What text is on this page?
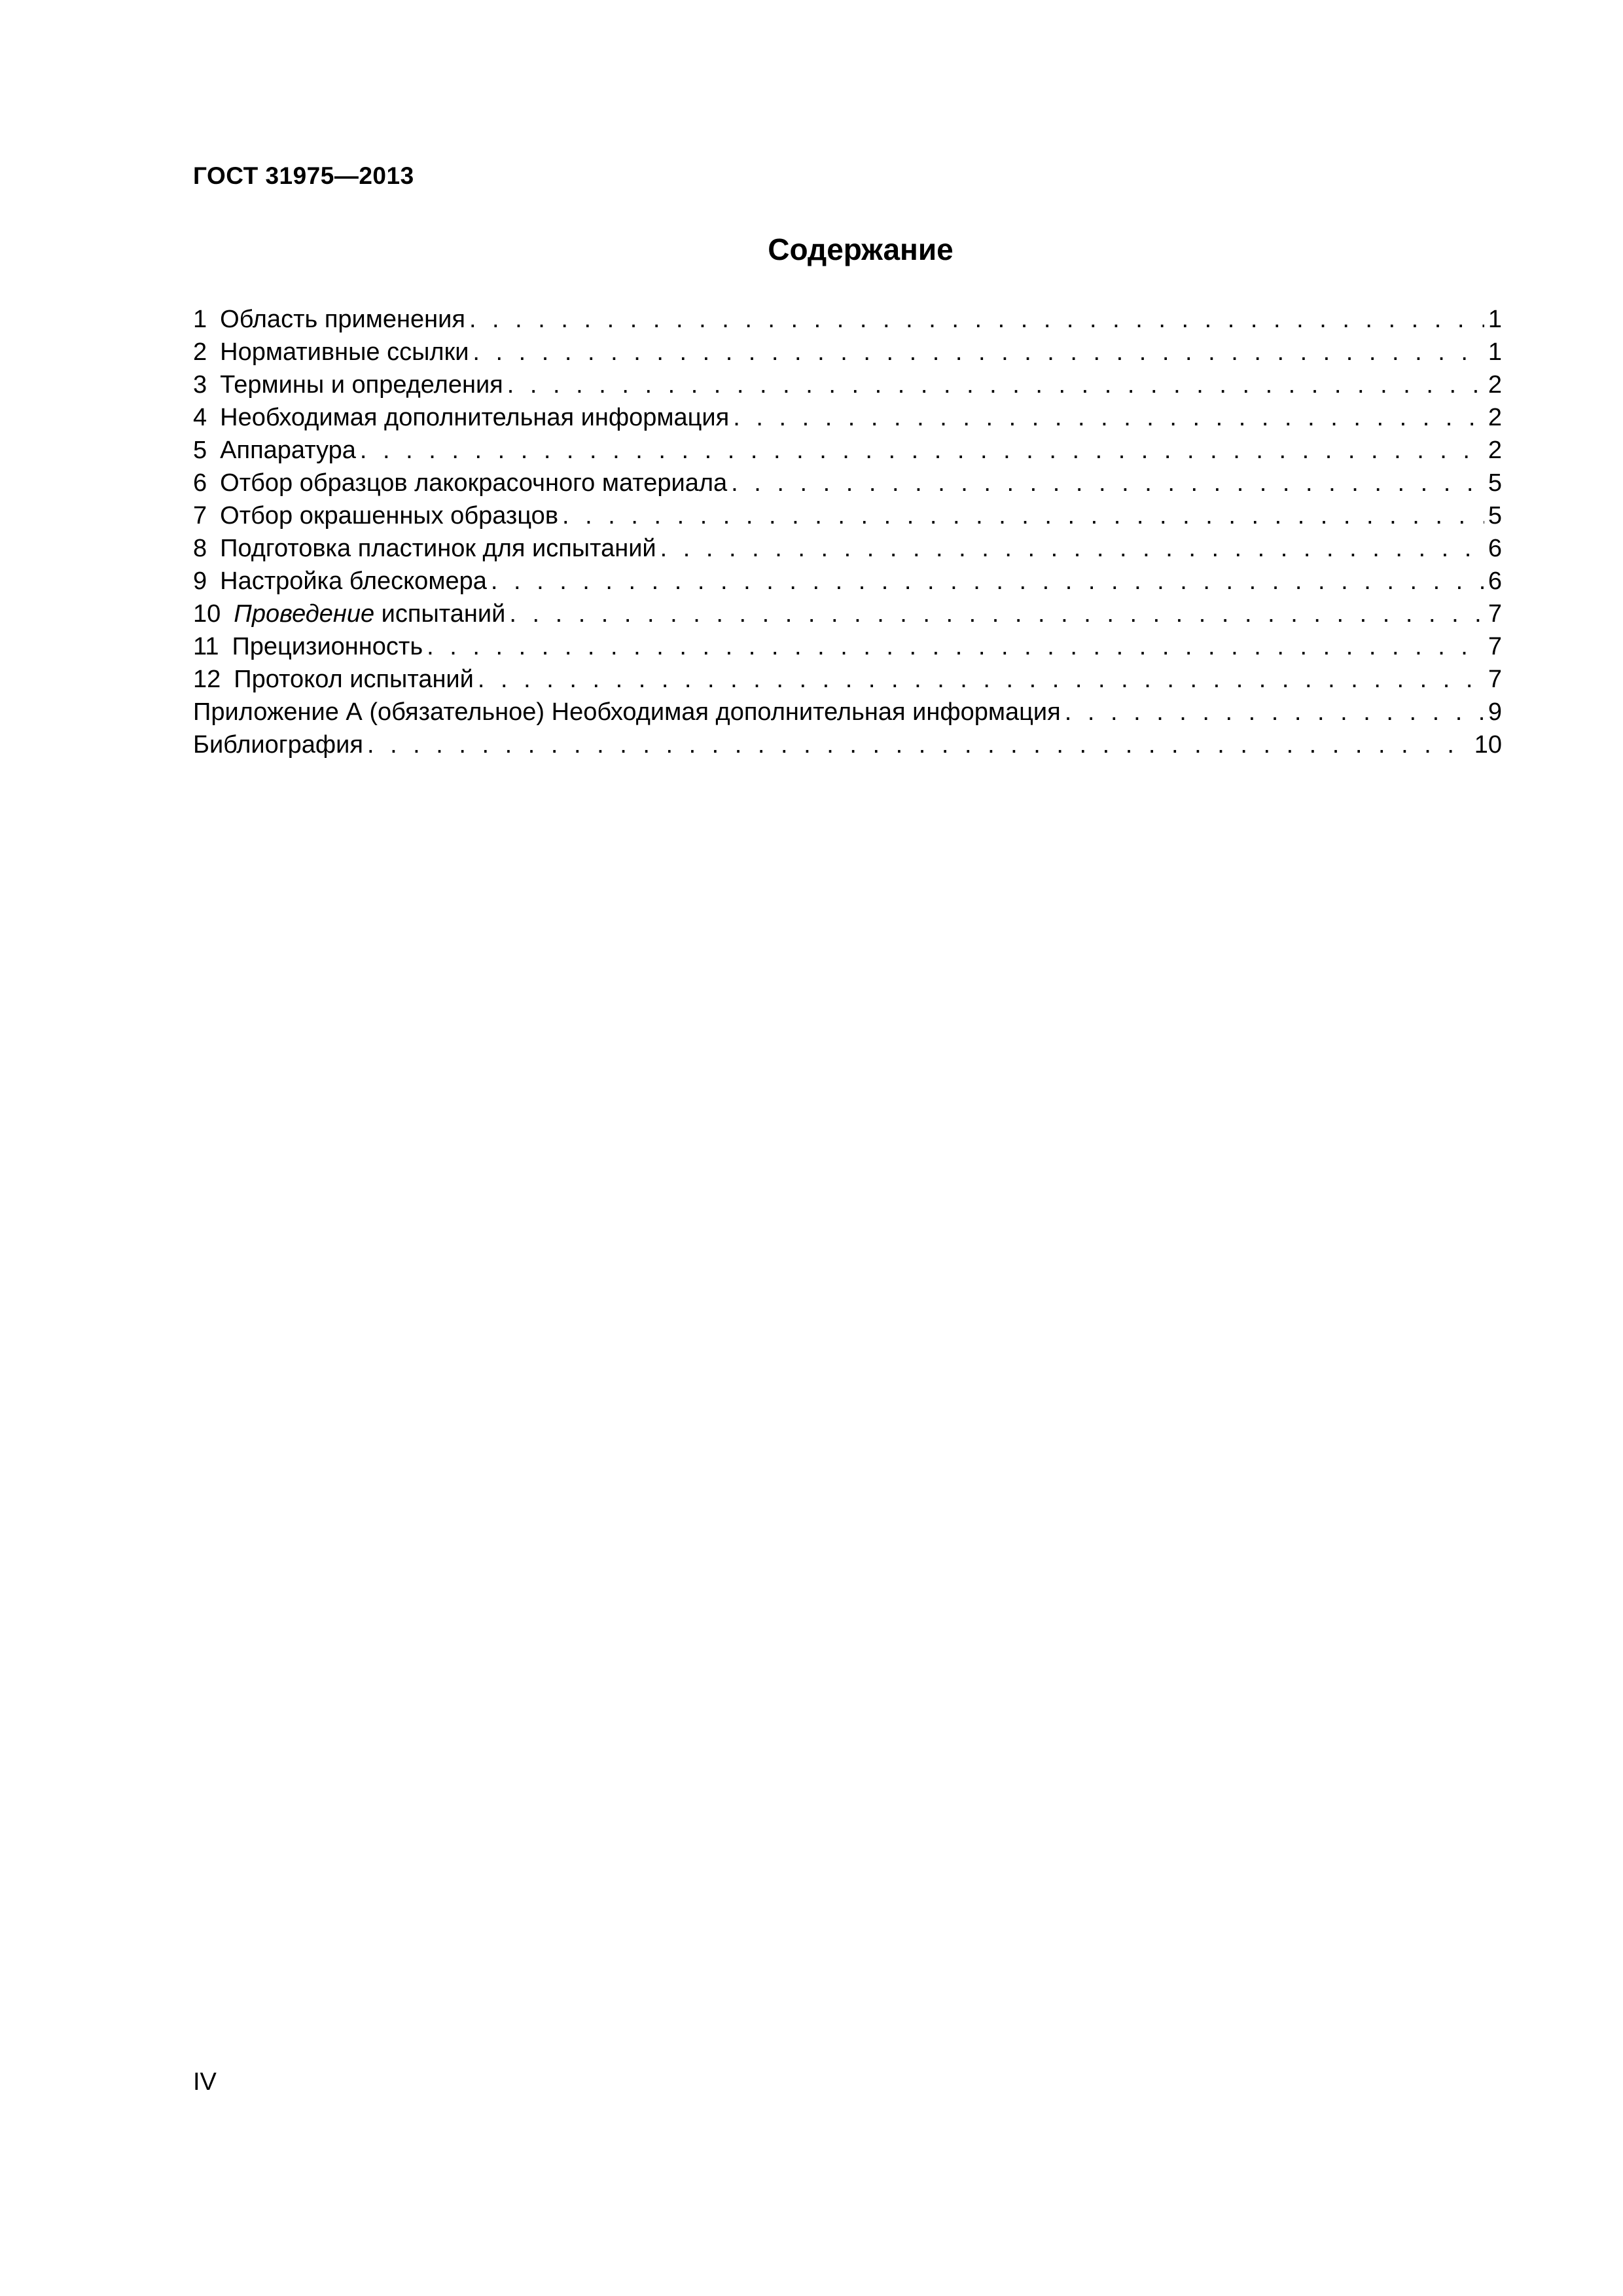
ГОСТ 31975—2013
Содержание
1 Область применения . . .	1
2 Нормативные ссылки . . .	1
3 Термины и определения . . .	2
4 Необходимая дополнительная информация . . .	2
5 Аппаратура . . .	2
6 Отбор образцов лакокрасочного материала . . .	5
7 Отбор окрашенных образцов . . .	5
8 Подготовка пластинок для испытаний . . .	6
9 Настройка блескомера . . .	6
10 Проведение испытаний . . .	7
11 Прецизионность . . .	7
12 Протокол испытаний . . .	7
Приложение А (обязательное) Необходимая дополнительная информация . . .	9
Библиография . . .	10
IV
